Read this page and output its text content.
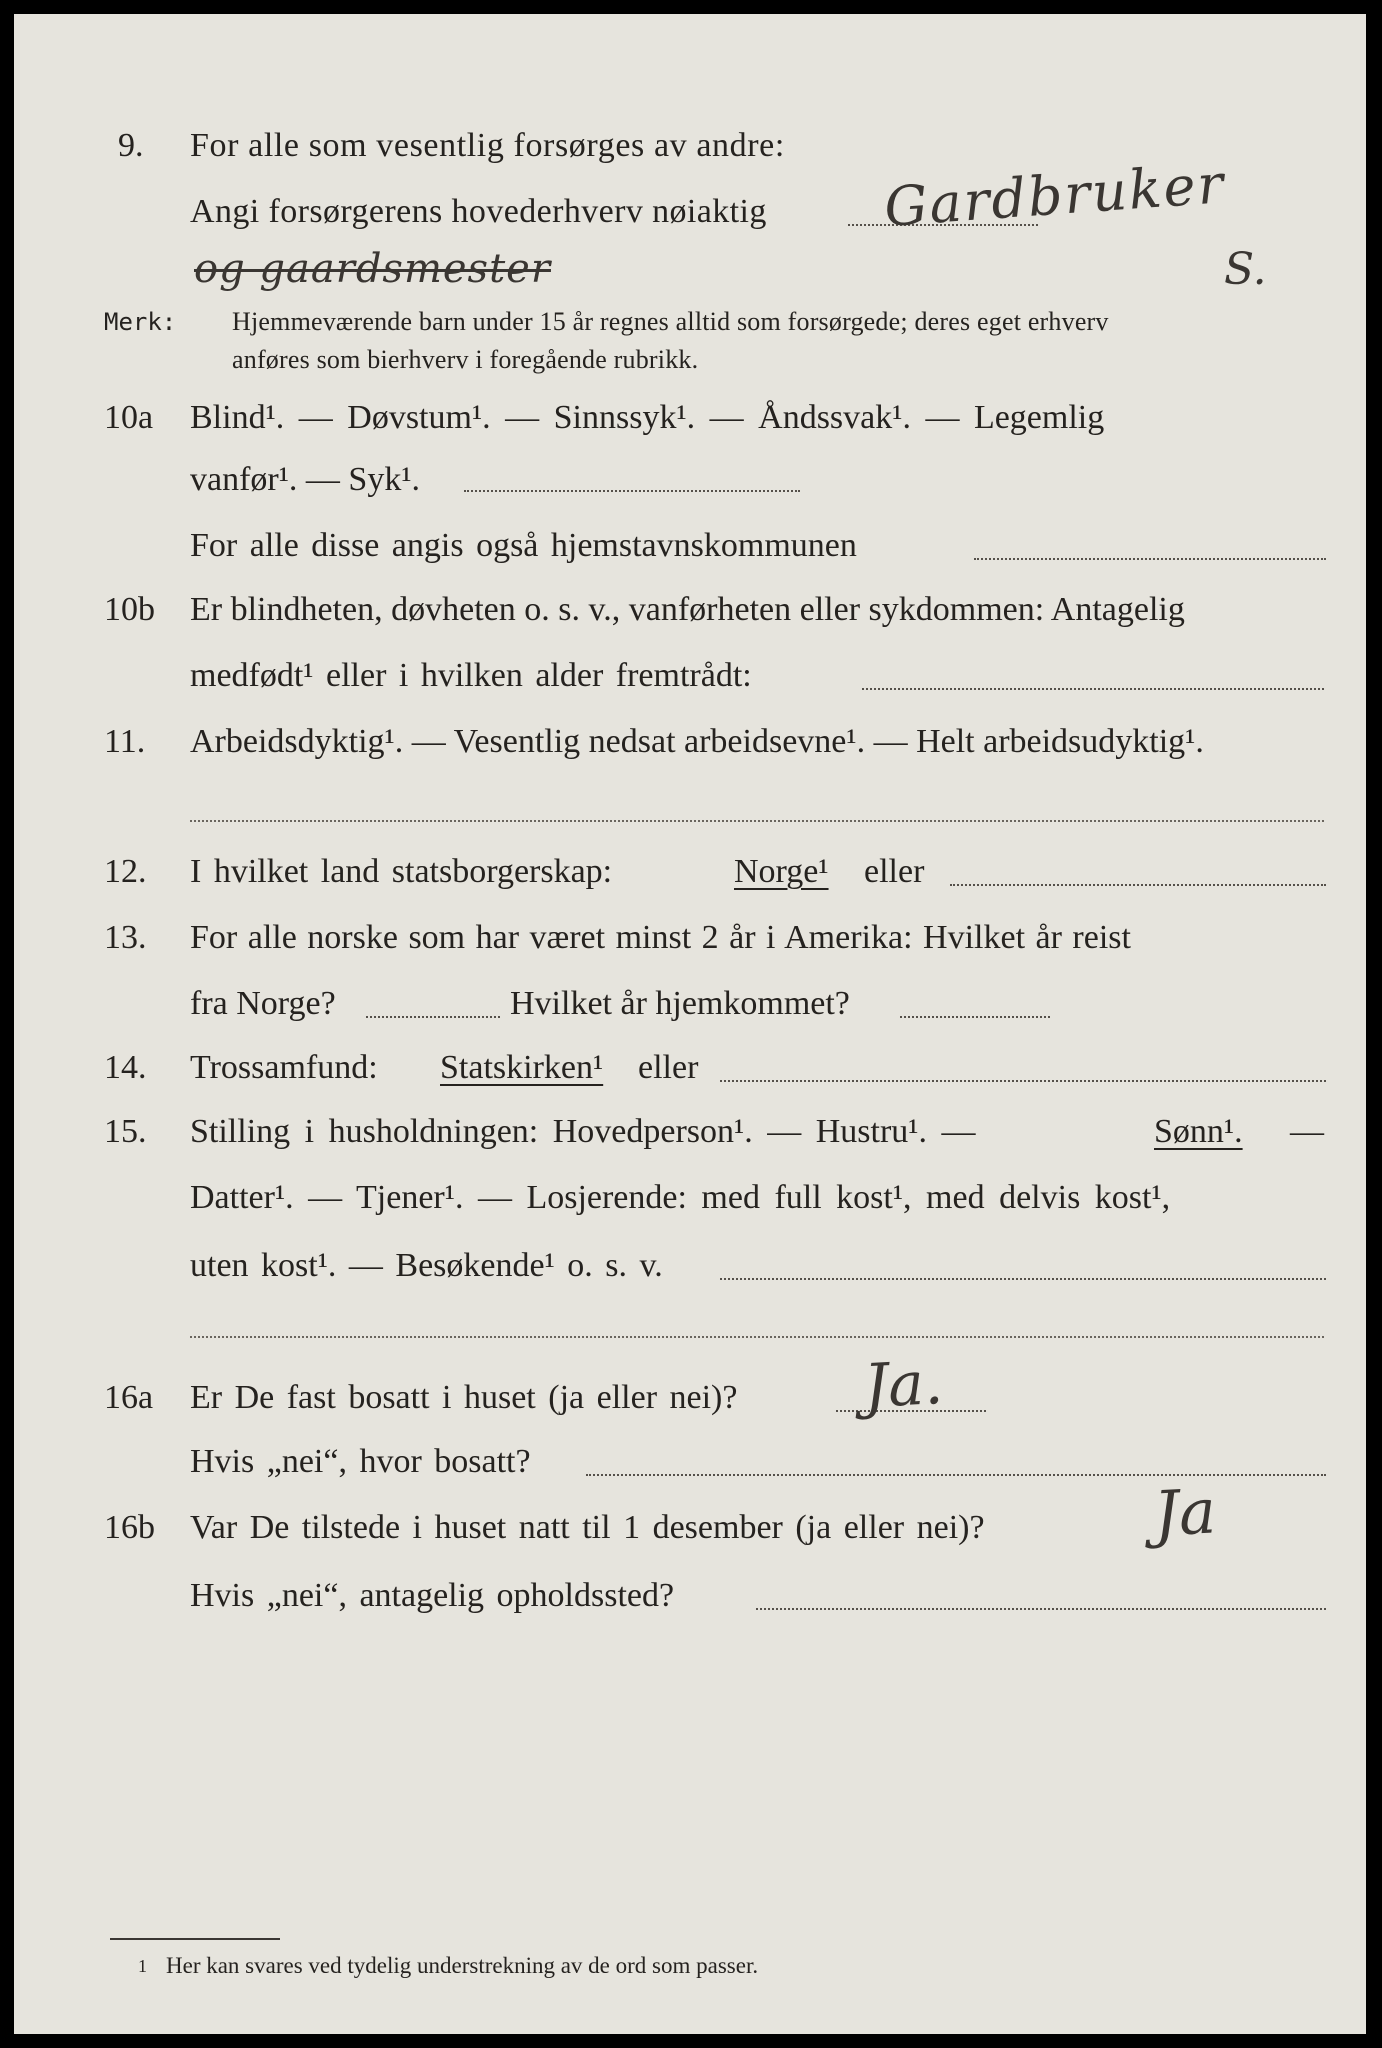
9. For alle som vesentlig forsørges av andre:
Angi forsørgerens hovederhverv nøiaktig Gardbruker
og gaardsmester	S.
Merk: Hjemmeværende barn under 15 år regnes alltid som forsørgede; deres eget erhverv
anføres som bierhverv i foregående rubrikk.
10a Blind¹. — Døvstum¹. — Sinnssyk¹. — Åndssvak¹. — Legemlig
vanfør¹. — Syk¹.
For alle disse angis også hjemstavnskommunen
10b Er blindheten, døvheten o. s. v., vanførheten eller sykdommen: Antagelig
medfødt¹ eller i hvilken alder fremtrådt:
11. Arbeidsdyktig¹. — Vesentlig nedsat arbeidsevne¹. — Helt arbeidsudyktig¹.
12. I hvilket land statsborgerskap:	Norge¹ eller
13. For alle norske som har været minst 2 år i Amerika: Hvilket år reist
fra Norge?	Hvilket år hjemkommet?
14. Trossamfund: Statskirken¹ eller
15. Stilling i husholdningen: Hovedperson¹. — Hustru¹. —	Sønn¹. —
Datter¹. — Tjener¹. — Losjerende: med full kost¹, med delvis kost¹,
uten kost¹. — Besøkende¹ o. s. v.
16a Er De fast bosatt i huset (ja eller nei)? Ja.
Hvis „nei“, hvor bosatt?
16b Var De tilstede i huset natt til 1 desember (ja eller nei)?	Ja
Hvis „nei“, antagelig opholdssted?
1 Her kan svares ved tydelig understrekning av de ord som passer.
